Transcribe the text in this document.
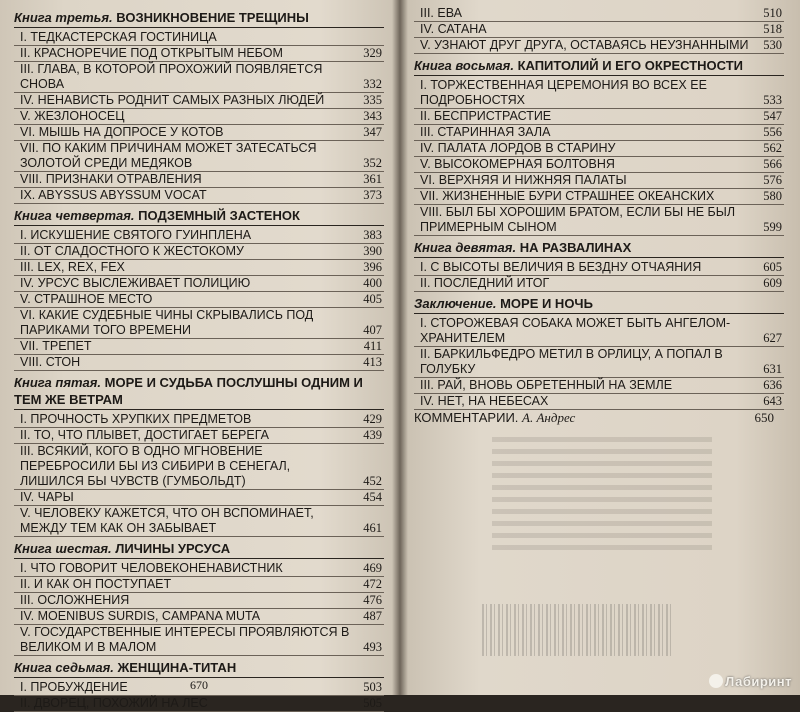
Книга третья. ВОЗНИКНОВЕНИЕ ТРЕЩИНЫ
I. ТЕДКАСТЕРСКАЯ ГОСТИНИЦА
II. КРАСНОРЕЧИЕ ПОД ОТКРЫТЫМ НЕБОМ	329
III. ГЛАВА, В КОТОРОЙ ПРОХОЖИЙ ПОЯВЛЯЕТСЯ СНОВА	332
IV. НЕНАВИСТЬ РОДНИТ САМЫХ РАЗНЫХ ЛЮДЕЙ	335
V. ЖЕЗЛОНОСЕЦ	343
VI. МЫШЬ НА ДОПРОСЕ У КОТОВ	347
VII. ПО КАКИМ ПРИЧИНАМ МОЖЕТ ЗАТЕСАТЬСЯ ЗОЛОТОЙ СРЕДИ МЕДЯКОВ	352
VIII. ПРИЗНАКИ ОТРАВЛЕНИЯ	361
IX. ABYSSUS ABYSSUM VOCAT	373
Книга четвертая. ПОДЗЕМНЫЙ ЗАСТЕНОК
I. ИСКУШЕНИЕ СВЯТОГО ГУИНПЛЕНА	383
II. ОТ СЛАДОСТНОГО К ЖЕСТОКОМУ	390
III. LEX, REX, FEX	396
IV. УРСУС ВЫСЛЕЖИВАЕТ ПОЛИЦИЮ	400
V. СТРАШНОЕ МЕСТО	405
VI. КАКИЕ СУДЕБНЫЕ ЧИНЫ СКРЫВАЛИСЬ ПОД ПАРИКАМИ ТОГО ВРЕМЕНИ	407
VII. ТРЕПЕТ	411
VIII. СТОН	413
Книга пятая. МОРЕ И СУДЬБА ПОСЛУШНЫ ОДНИМ И ТЕМ ЖЕ ВЕТРАМ
I. ПРОЧНОСТЬ ХРУПКИХ ПРЕДМЕТОВ	429
II. ТО, ЧТО ПЛЫВЕТ, ДОСТИГАЕТ БЕРЕГА	439
III. ВСЯКИЙ, КОГО В ОДНО МГНОВЕНИЕ ПЕРЕБРОСИЛИ БЫ ИЗ СИБИРИ В СЕНЕГАЛ, ЛИШИЛСЯ БЫ ЧУВСТВ (ГУМБОЛЬДТ)	452
IV. ЧАРЫ	454
V. ЧЕЛОВЕКУ КАЖЕТСЯ, ЧТО ОН ВСПОМИНАЕТ, МЕЖДУ ТЕМ КАК ОН ЗАБЫВАЕТ	461
Книга шестая. ЛИЧИНЫ УРСУСА
I. ЧТО ГОВОРИТ ЧЕЛОВЕКОНЕНАВИСТНИК	469
II. И КАК ОН ПОСТУПАЕТ	472
III. ОСЛОЖНЕНИЯ	476
IV. MOENIBUS SURDIS, CAMPANA MUTA	487
V. ГОСУДАРСТВЕННЫЕ ИНТЕРЕСЫ ПРОЯВЛЯЮТСЯ В ВЕЛИКОМ И В МАЛОМ	493
Книга седьмая. ЖЕНЩИНА-ТИТАН
I. ПРОБУЖДЕНИЕ	503
II. ДВОРЕЦ, ПОХОЖИЙ НА ЛЕС	505
670
III. ЕВА	510
IV. САТАНА	518
V. УЗНАЮТ ДРУГ ДРУГА, ОСТАВАЯСЬ НЕУЗНАННЫМИ 530
Книга восьмая. КАПИТОЛИЙ И ЕГО ОКРЕСТНОСТИ
I. ТОРЖЕСТВЕННАЯ ЦЕРЕМОНИЯ ВО ВСЕХ ЕЕ ПОДРОБНОСТЯХ	533
II. БЕСПРИСТРАСТИЕ	547
III. СТАРИННАЯ ЗАЛА	556
IV. ПАЛАТА ЛОРДОВ В СТАРИНУ	562
V. ВЫСОКОМЕРНАЯ БОЛТОВНЯ	566
VI. ВЕРХНЯЯ И НИЖНЯЯ ПАЛАТЫ	576
VII. ЖИЗНЕННЫЕ БУРИ СТРАШНЕЕ ОКЕАНСКИХ	580
VIII. БЫЛ БЫ ХОРОШИМ БРАТОМ, ЕСЛИ БЫ НЕ БЫЛ ПРИМЕРНЫМ СЫНОМ	599
Книга девятая. НА РАЗВАЛИНАХ
I. С ВЫСОТЫ ВЕЛИЧИЯ В БЕЗДНУ ОТЧАЯНИЯ	605
II. ПОСЛЕДНИЙ ИТОГ	609
Заключение. МОРЕ И НОЧЬ
I. СТОРОЖЕВАЯ СОБАКА МОЖЕТ БЫТЬ АНГЕЛОМ-ХРАНИТЕЛЕМ	627
II. БАРКИЛЬФЕДРО МЕТИЛ В ОРЛИЦУ, А ПОПАЛ В ГОЛУБКУ	631
III. РАЙ, ВНОВЬ ОБРЕТЕННЫЙ НА ЗЕМЛЕ	636
IV. НЕТ, НА НЕБЕСАХ	643
КОММЕНТАРИИ. А. Андрес	650
Лабиринт
